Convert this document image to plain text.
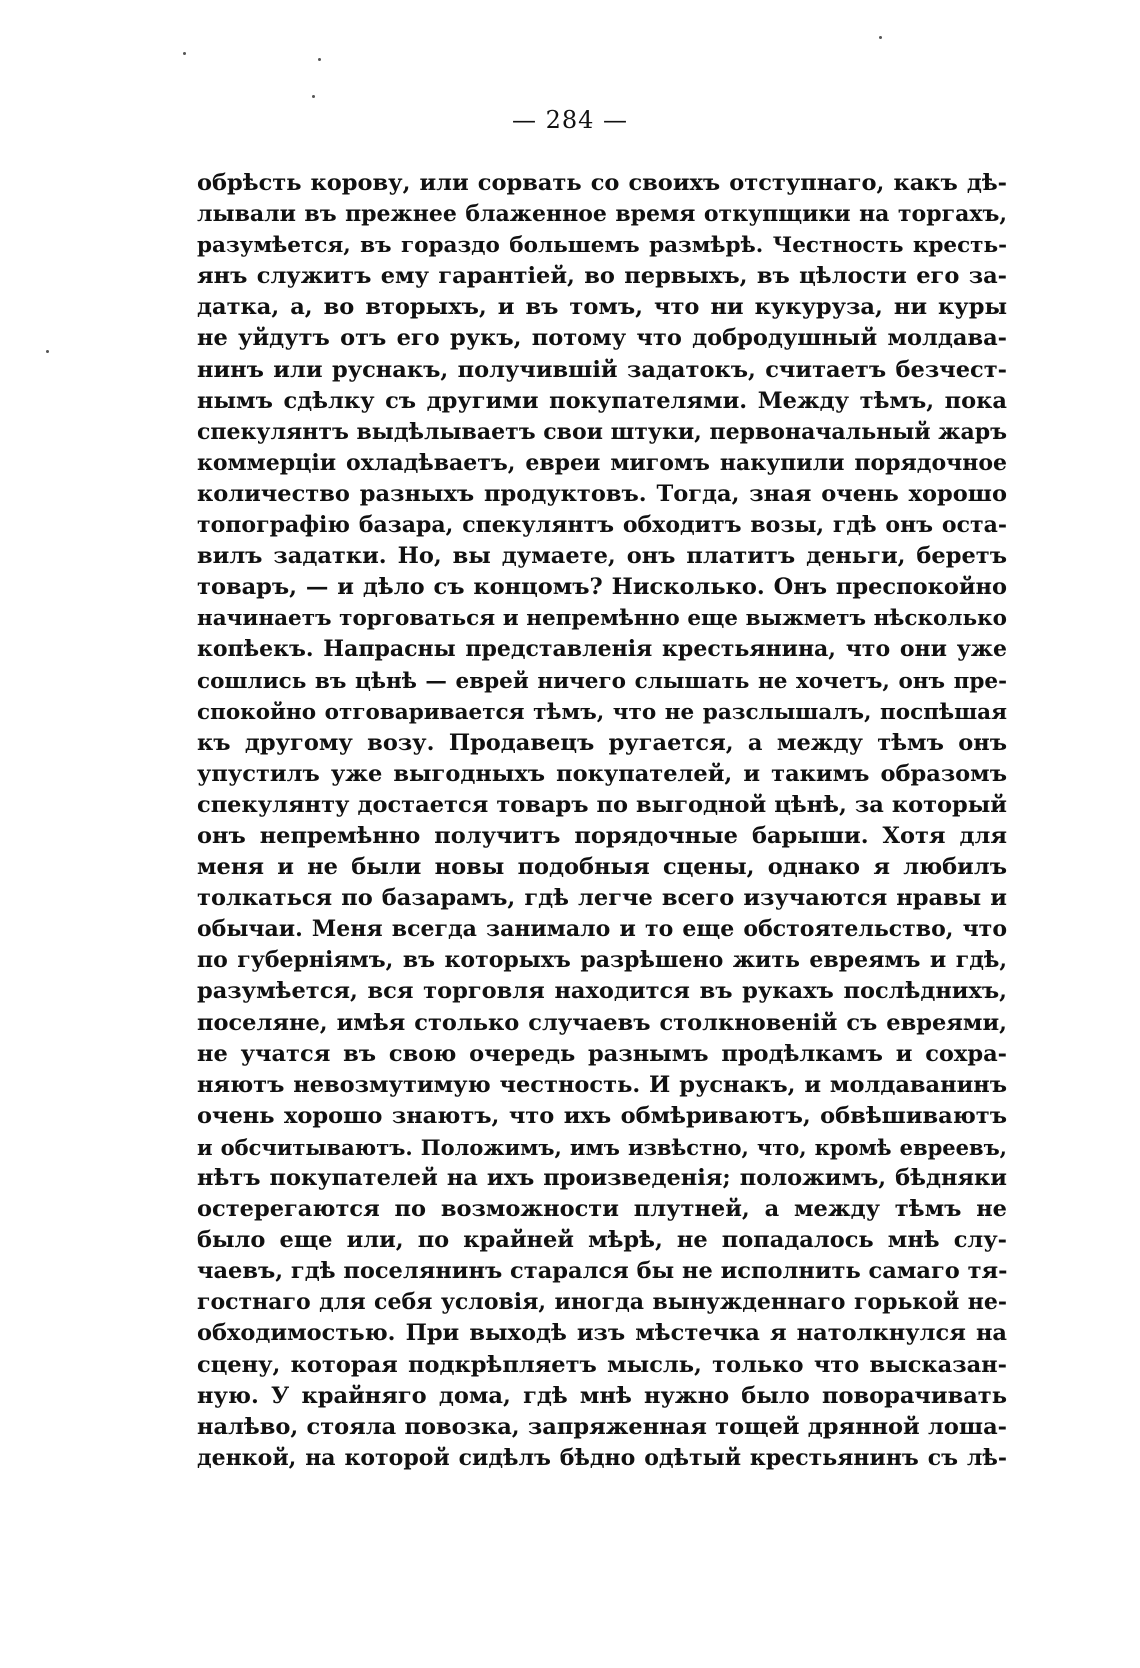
— 284 —
обрѣсть корову, или сорвать со своихъ отступнаго, какъ дѣ-
лывали въ прежнее блаженное время откупщики на торгахъ,
разумѣется, въ гораздо большемъ размѣрѣ. Честность кресть-
янъ служитъ ему гарантіей, во первыхъ, въ цѣлости его за-
датка, а, во вторыхъ, и въ томъ, что ни кукуруза, ни куры
не уйдутъ отъ его рукъ, потому что добродушный молдава-
нинъ или руснакъ, получившій задатокъ, считаетъ безчест-
нымъ сдѣлку съ другими покупателями. Между тѣмъ, пока
спекулянтъ выдѣлываетъ свои штуки, первоначальный жаръ
коммерціи охладѣваетъ, евреи мигомъ накупили порядочное
количество разныхъ продуктовъ. Тогда, зная очень хорошо
топографію базара, спекулянтъ обходитъ возы, гдѣ онъ оста-
вилъ задатки. Но, вы думаете, онъ платитъ деньги, беретъ
товаръ, — и дѣло съ концомъ? Нисколько. Онъ преспокойно
начинаетъ торговаться и непремѣнно еще выжметъ нѣсколько
копѣекъ. Напрасны представленія крестьянина, что они уже
сошлись въ цѣнѣ — еврей ничего слышать не хочетъ, онъ пре-
спокойно отговаривается тѣмъ, что не разслышалъ, поспѣшая
къ другому возу. Продавецъ ругается, а между тѣмъ онъ
упустилъ уже выгодныхъ покупателей, и такимъ образомъ
спекулянту достается товаръ по выгодной цѣнѣ, за который
онъ непремѣнно получитъ порядочные барыши. Хотя для
меня и не были новы подобныя сцены, однако я любилъ
толкаться по базарамъ, гдѣ легче всего изучаются нравы и
обычаи. Меня всегда занимало и то еще обстоятельство, что
по губерніямъ, въ которыхъ разрѣшено жить евреямъ и гдѣ,
разумѣется, вся торговля находится въ рукахъ послѣднихъ,
поселяне, имѣя столько случаевъ столкновеній съ евреями,
не учатся въ свою очередь разнымъ продѣлкамъ и сохра-
няютъ невозмутимую честность. И руснакъ, и молдаванинъ
очень хорошо знаютъ, что ихъ обмѣриваютъ, обвѣшиваютъ
и обсчитываютъ. Положимъ, имъ извѣстно, что, кромѣ евреевъ,
нѣтъ покупателей на ихъ произведенія; положимъ, бѣдняки
остерегаются по возможности плутней, а между тѣмъ не
было еще или, по крайней мѣрѣ, не попадалось мнѣ слу-
чаевъ, гдѣ поселянинъ старался бы не исполнить самаго тя-
гостнаго для себя условія, иногда вынужденнаго горькой не-
обходимостью. При выходѣ изъ мѣстечка я натолкнулся на
сцену, которая подкрѣпляетъ мысль, только что высказан-
ную. У крайняго дома, гдѣ мнѣ нужно было поворачивать
налѣво, стояла повозка, запряженная тощей дрянной лоша-
денкой, на которой сидѣлъ бѣдно одѣтый крестьянинъ съ лѣ-
